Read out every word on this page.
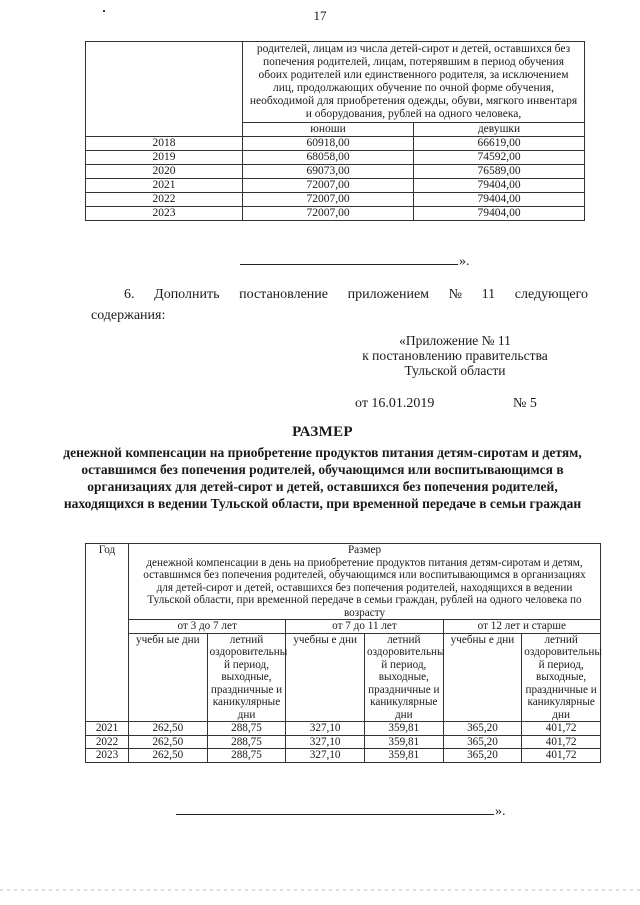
17
	родителей, лицам из числа детей-сирот и детей, оставшихся без попечения родителей, лицам, потерявшим в период обучения обоих родителей или единственного родителя, за исключением лиц, продолжающих обучение по очной форме обучения, необходимой для приобретения одежды, обуви, мягкого инвентаря и оборудования, рублей на одного человека,	
	юноши	девушки
2018	60918,00	66619,00
2019	68058,00	74592,00
2020	69073,00	76589,00
2021	72007,00	79404,00
2022	72007,00	79404,00
2023	72007,00	79404,00
».
6. Дополнить постановление приложением № 11 следующего
содержания:
«Приложение № 11
к постановлению правительства
Тульской области
от 16.01.2019	№ 5
РАЗМЕР
денежной компенсации на приобретение продуктов питания детям-сиротам и детям, оставшимся без попечения родителей, обучающимся или воспитывающимся в организациях для детей-сирот и детей, оставшихся без попечения родителей, находящихся в ведении Тульской области, при временной передаче в семьи граждан
Год	Размер
денежной компенсации в день на приобретение продуктов питания детям-сиротам и детям, оставшимся без попечения родителей, обучающимся или воспитывающимся в организациях для детей-сирот и детей, оставшихся без попечения родителей, находящихся в ведении Тульской области, при временной передаче в семьи граждан, рублей на одного человека по возрасту					

	от 3 до 7 лет		от 7 до 11 лет		от 12 лет и старше	
	учебн ые дни	летний оздоровительны й период, выходные, праздничные и каникулярные дни	учебны е дни	летний оздоровительны й период, выходные, праздничные и каникулярные дни	учебны е дни	летний оздоровительны й период, выходные, праздничные и каникулярные дни
2021	262,50	288,75	327,10	359,81	365,20	401,72
2022	262,50	288,75	327,10	359,81	365,20	401,72
2023	262,50	288,75	327,10	359,81	365,20	401,72
».
